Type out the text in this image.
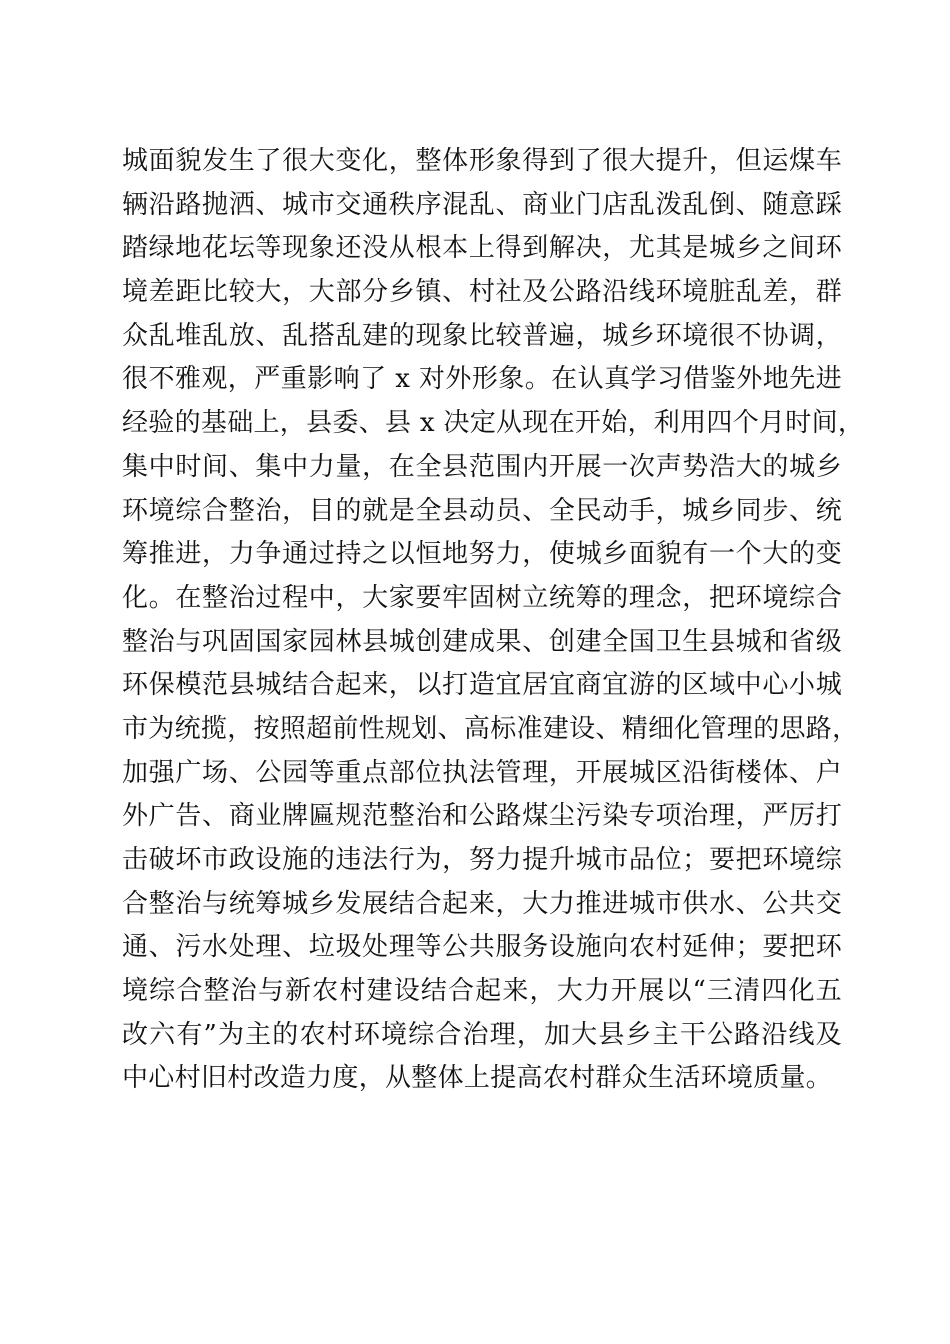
城面貌发生了很大变化，整体形象得到了很大提升，但运煤车
辆沿路抛洒、城市交通秩序混乱、商业门店乱泼乱倒、随意踩
踏绿地花坛等现象还没从根本上得到解决，尤其是城乡之间环
境差距比较大，大部分乡镇、村社及公路沿线环境脏乱差，群
众乱堆乱放、乱搭乱建的现象比较普遍，城乡环境很不协调，
很不雅观，严重影响了 x 对外形象。在认真学习借鉴外地先进
经验的基础上，县委、县 x 决定从现在开始，利用四个月时间，
集中时间、集中力量，在全县范围内开展一次声势浩大的城乡
环境综合整治，目的就是全县动员、全民动手，城乡同步、统
筹推进，力争通过持之以恒地努力，使城乡面貌有一个大的变
化。在整治过程中，大家要牢固树立统筹的理念，把环境综合
整治与巩固国家园林县城创建成果、创建全国卫生县城和省级
环保模范县城结合起来，以打造宜居宜商宜游的区域中心小城
市为统揽，按照超前性规划、高标准建设、精细化管理的思路，
加强广场、公园等重点部位执法管理，开展城区沿街楼体、户
外广告、商业牌匾规范整治和公路煤尘污染专项治理，严厉打
击破坏市政设施的违法行为，努力提升城市品位；要把环境综
合整治与统筹城乡发展结合起来，大力推进城市供水、公共交
通、污水处理、垃圾处理等公共服务设施向农村延伸；要把环
境综合整治与新农村建设结合起来，大力开展以“三清四化五
改六有”为主的农村环境综合治理，加大县乡主干公路沿线及
中心村旧村改造力度，从整体上提高农村群众生活环境质量。
